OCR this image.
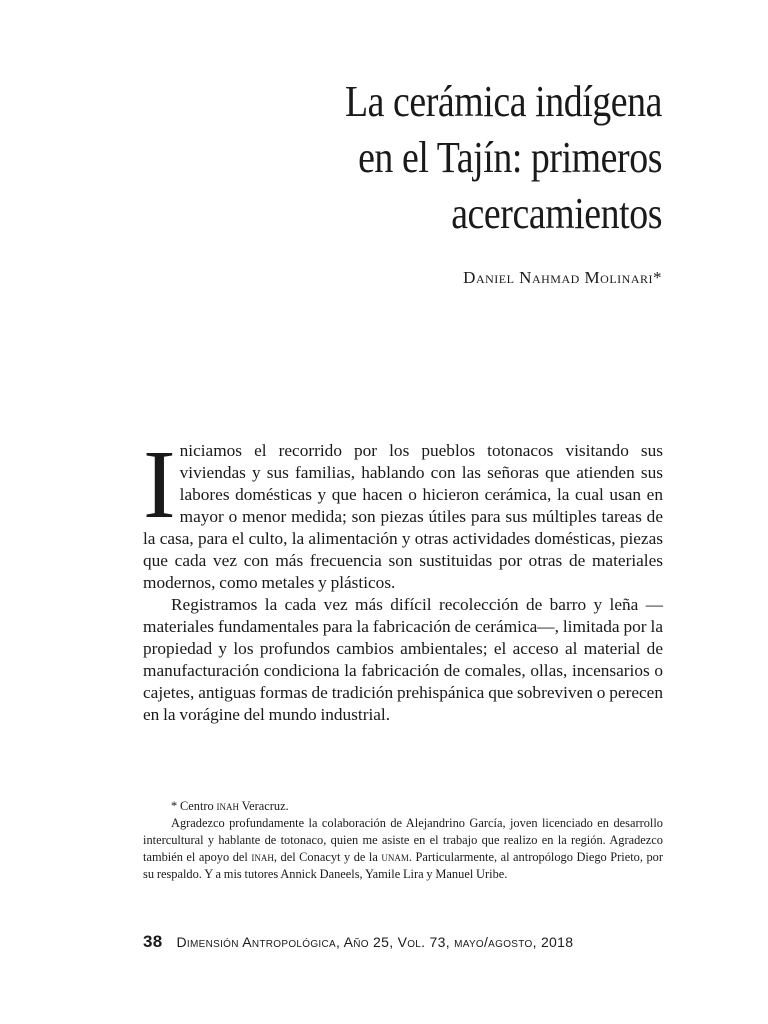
La cerámica indígena
en el Tajín: primeros
acercamientos
Daniel Nahmad Molinari*

Iniciamos el recorrido por los pueblos totonacos visitando sus viviendas y sus familias, hablando con las señoras que atienden sus labores domésticas y que hacen o hicieron cerámica, la cual usan en mayor o menor medida; son piezas útiles para sus múltiples tareas de la casa, para el culto, la alimentación y otras actividades domésticas, piezas que cada vez con más frecuencia son sustituidas por otras de materiales modernos, como metales y plásticos.

Registramos la cada vez más difícil recolección de barro y leña —materiales fundamentales para la fabricación de cerámica—, limitada por la propiedad y los profundos cambios ambientales; el acceso al material de manufacturación condiciona la fabricación de comales, ollas, incensarios o cajetes, antiguas formas de tradición prehispánica que sobreviven o perecen en la vorágine del mundo industrial.

* Centro inah Veracruz.

Agradezco profundamente la colaboración de Alejandrino García, joven licenciado en desarrollo intercultural y hablante de totonaco, quien me asiste en el trabajo que realizo en la región. Agradezco también el apoyo del inah, del Conacyt y de la unam. Particularmente, al antropólogo Diego Prieto, por su respaldo. Y a mis tutores Annick Daneels, Yamile Lira y Manuel Uribe.

38 Dimensión Antropológica, Año 25, Vol. 73, mayo/agosto, 2018
